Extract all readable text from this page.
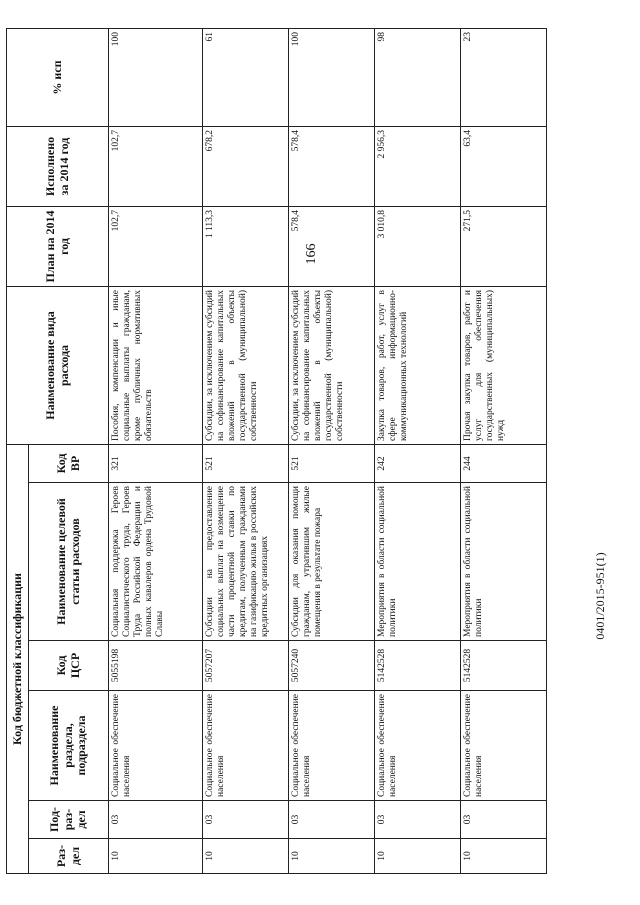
166
0401/2015-951(1)
Код бюджетной классификации						Наименование вида расхода	План на 2014 год	Исполнено за 2014 год	% исп
Раз-дел	Под-раз-дел	Наименование раздела, подраздела	Код ЦСР	Наименование целевой статьи расходов	Код ВР				
10	03	Социальное обеспечение населения	5055198	Социальная поддержка Героев Социалистического труда, Героев Труда Российской Федерации и полных кавалеров ордена Трудовой Славы	321	Пособия, компенсации и иные социальные выплаты гражданам, кроме публичных нормативных обязательств	102,7	102,7	100
10	03	Социальное обеспечение населения	5057207	Субсидии на предоставление социальных выплат на возмещение части процентной ставки по кредитам, полученным гражданами на газификацию жилья в российских кредитных организациях	521	Субсидии, за исключением субсидий на софинансирование капитальных вложений в объекты государственной (муниципальной) собственности	1 113,3	678,2	61
10	03	Социальное обеспечение населения	5057240	Субсидии для оказания помощи гражданам, утратившим жилые помещения в результате пожара	521	Субсидии, за исключением субсидий на софинансирование капитальных вложений в объекты государственной (муниципальной) собственности	578,4	578,4	100
10	03	Социальное обеспечение населения	5142528	Мероприятия в области социальной политики	242	Закупка товаров, работ, услуг в сфере информационно-коммуникационных технологий	3 010,8	2 956,3	98
10	03	Социальное обеспечение населения	5142528	Мероприятия в области социальной политики	244	Прочая закупка товаров, работ и услуг для обеспечения государственных (муниципальных) нужд	271,5	63,4	23
